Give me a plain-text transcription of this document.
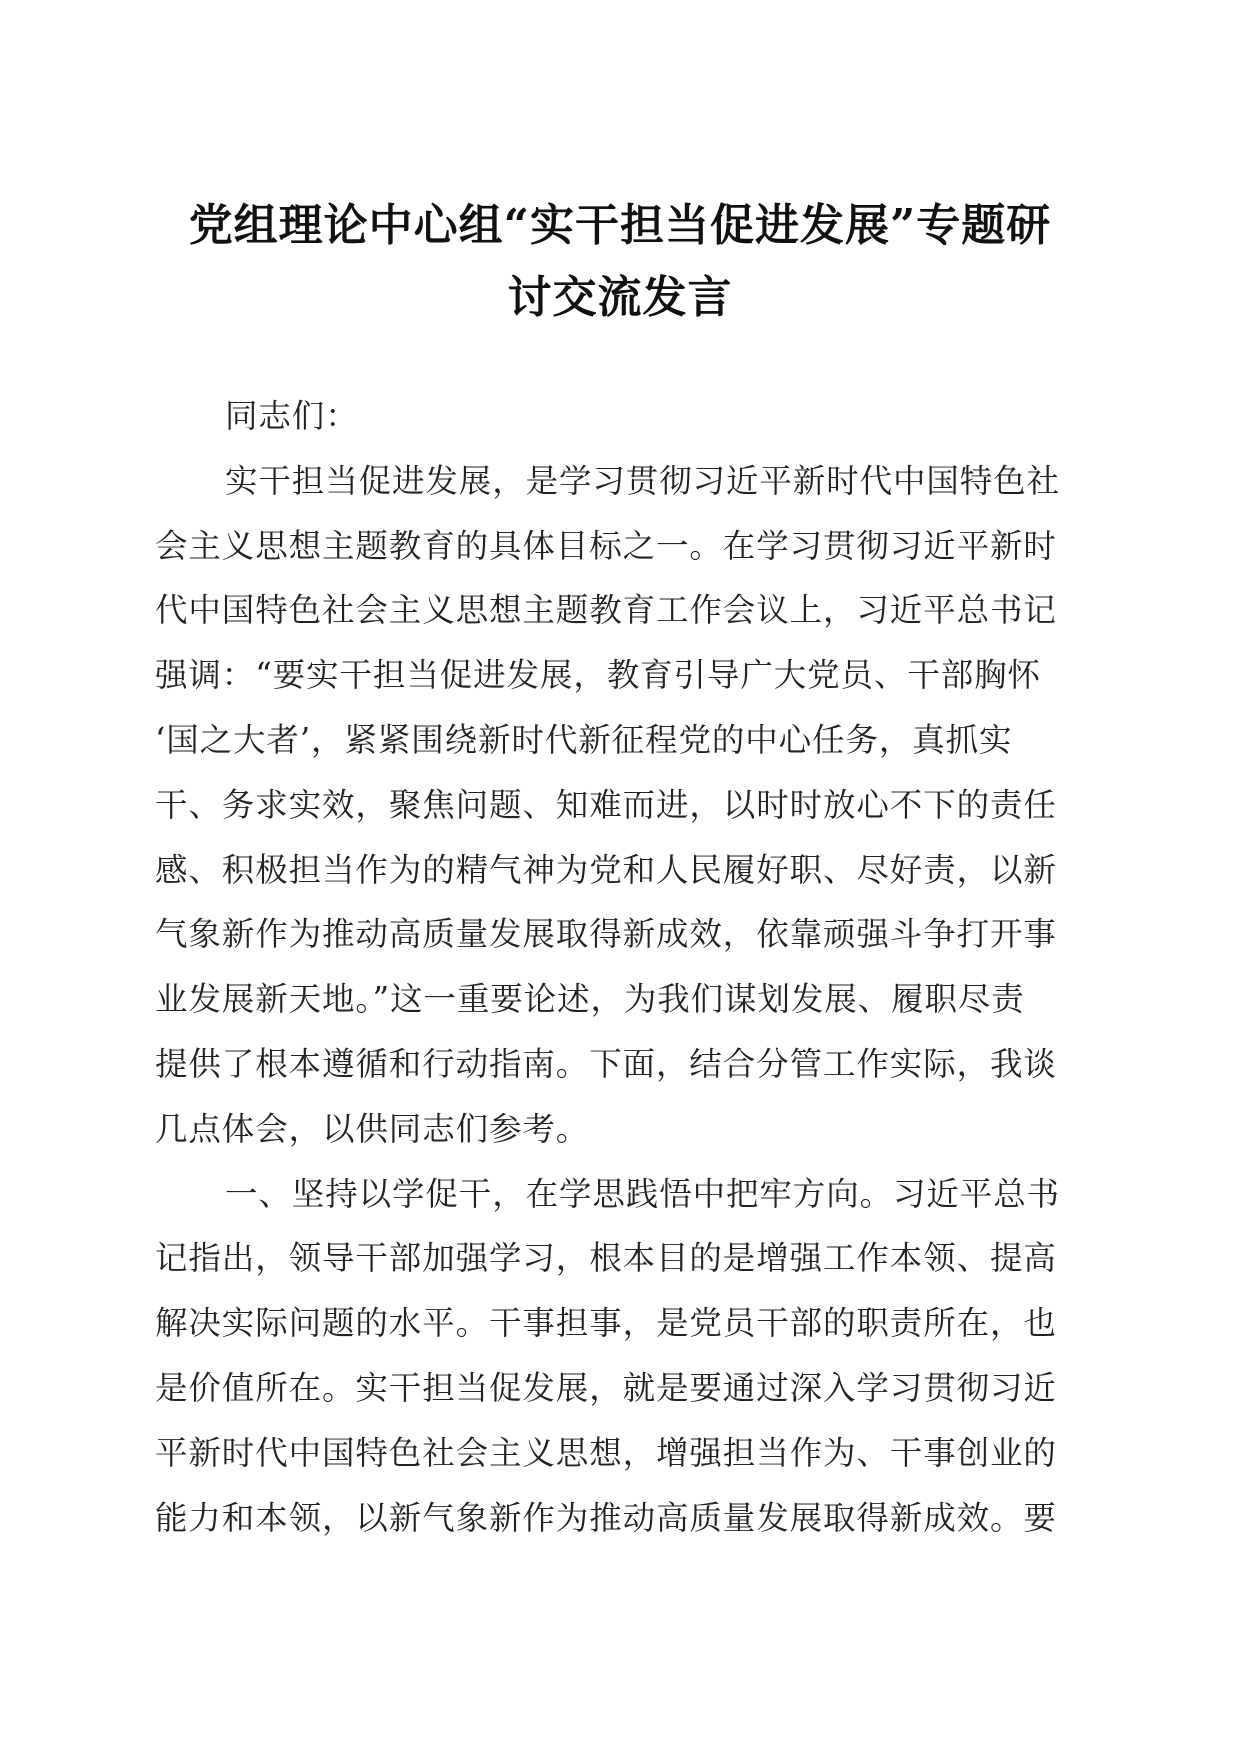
党组理论中心组“实干担当促进发展”专题研
讨交流发言
同志们：
实干担当促进发展，是学习贯彻习近平新时代中国特色社
会主义思想主题教育的具体目标之一。在学习贯彻习近平新时
代中国特色社会主义思想主题教育工作会议上，习近平总书记
强调：“要实干担当促进发展，教育引导广大党员、干部胸怀
‘国之大者’，紧紧围绕新时代新征程党的中心任务，真抓实
干、务求实效，聚焦问题、知难而进，以时时放心不下的责任
感、积极担当作为的精气神为党和人民履好职、尽好责，以新
气象新作为推动高质量发展取得新成效，依靠顽强斗争打开事
业发展新天地。”这一重要论述，为我们谋划发展、履职尽责
提供了根本遵循和行动指南。下面，结合分管工作实际，我谈
几点体会，以供同志们参考。
一、坚持以学促干，在学思践悟中把牢方向。习近平总书
记指出，领导干部加强学习，根本目的是增强工作本领、提高
解决实际问题的水平。干事担事，是党员干部的职责所在，也
是价值所在。实干担当促发展，就是要通过深入学习贯彻习近
平新时代中国特色社会主义思想，增强担当作为、干事创业的
能力和本领，以新气象新作为推动高质量发展取得新成效。要
